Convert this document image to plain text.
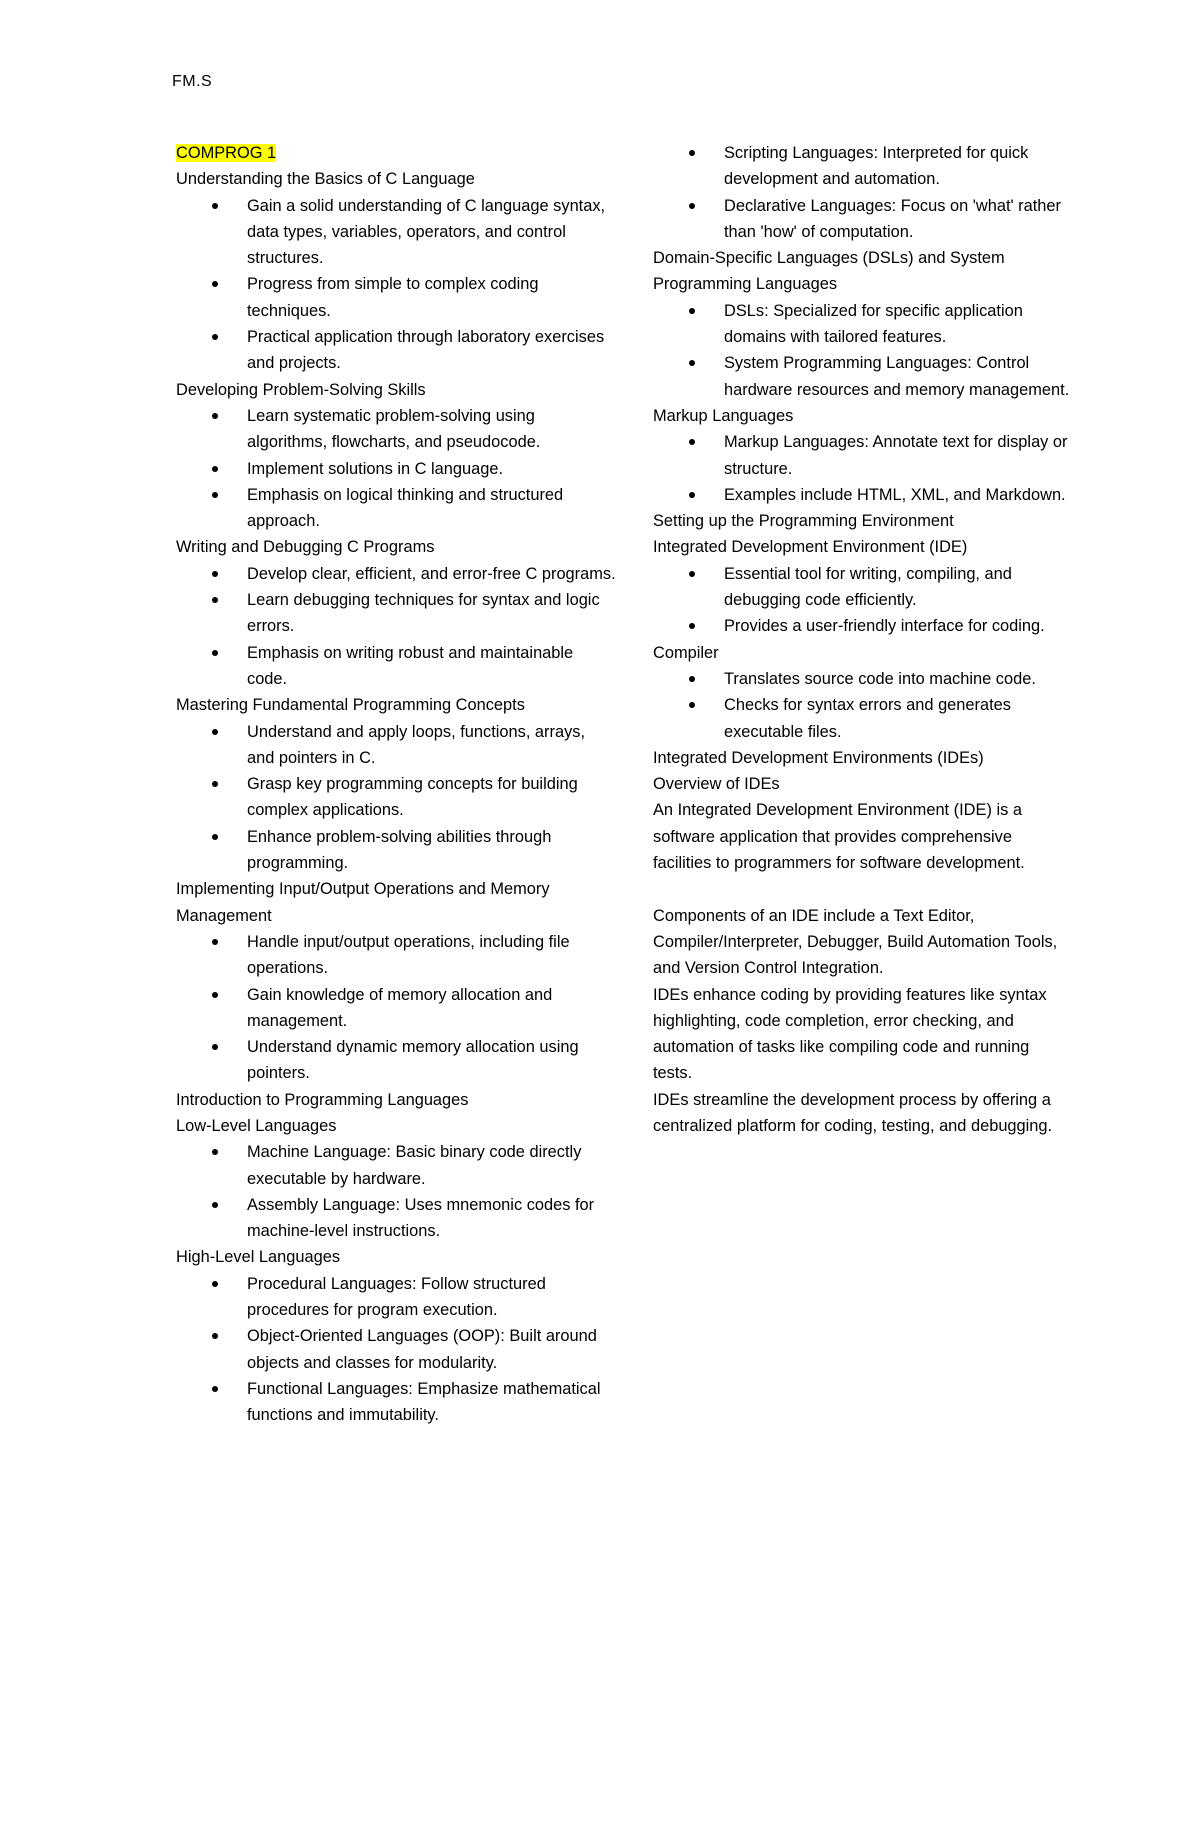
FM.S
COMPROG 1
Understanding the Basics of C Language
Gain a solid understanding of C language syntax, data types, variables, operators, and control structures.
Progress from simple to complex coding techniques.
Practical application through laboratory exercises and projects.
Developing Problem-Solving Skills
Learn systematic problem-solving using algorithms, flowcharts, and pseudocode.
Implement solutions in C language.
Emphasis on logical thinking and structured approach.
Writing and Debugging C Programs
Develop clear, efficient, and error-free C programs.
Learn debugging techniques for syntax and logic errors.
Emphasis on writing robust and maintainable code.
Mastering Fundamental Programming Concepts
Understand and apply loops, functions, arrays, and pointers in C.
Grasp key programming concepts for building complex applications.
Enhance problem-solving abilities through programming.
Implementing Input/Output Operations and Memory Management
Handle input/output operations, including file operations.
Gain knowledge of memory allocation and management.
Understand dynamic memory allocation using pointers.
Introduction to Programming Languages
Low-Level Languages
Machine Language: Basic binary code directly executable by hardware.
Assembly Language: Uses mnemonic codes for machine-level instructions.
High-Level Languages
Procedural Languages: Follow structured procedures for program execution.
Object-Oriented Languages (OOP): Built around objects and classes for modularity.
Functional Languages: Emphasize mathematical functions and immutability.
Scripting Languages: Interpreted for quick development and automation.
Declarative Languages: Focus on 'what' rather than 'how' of computation.
Domain-Specific Languages (DSLs) and System Programming Languages
DSLs: Specialized for specific application domains with tailored features.
System Programming Languages: Control hardware resources and memory management.
Markup Languages
Markup Languages: Annotate text for display or structure.
Examples include HTML, XML, and Markdown.
Setting up the Programming Environment
Integrated Development Environment (IDE)
Essential tool for writing, compiling, and debugging code efficiently.
Provides a user-friendly interface for coding.
Compiler
Translates source code into machine code.
Checks for syntax errors and generates executable files.
Integrated Development Environments (IDEs)
Overview of IDEs
An Integrated Development Environment (IDE) is a software application that provides comprehensive facilities to programmers for software development.
Components of an IDE include a Text Editor, Compiler/Interpreter, Debugger, Build Automation Tools, and Version Control Integration.
IDEs enhance coding by providing features like syntax highlighting, code completion, error checking, and automation of tasks like compiling code and running tests.
IDEs streamline the development process by offering a centralized platform for coding, testing, and debugging.
